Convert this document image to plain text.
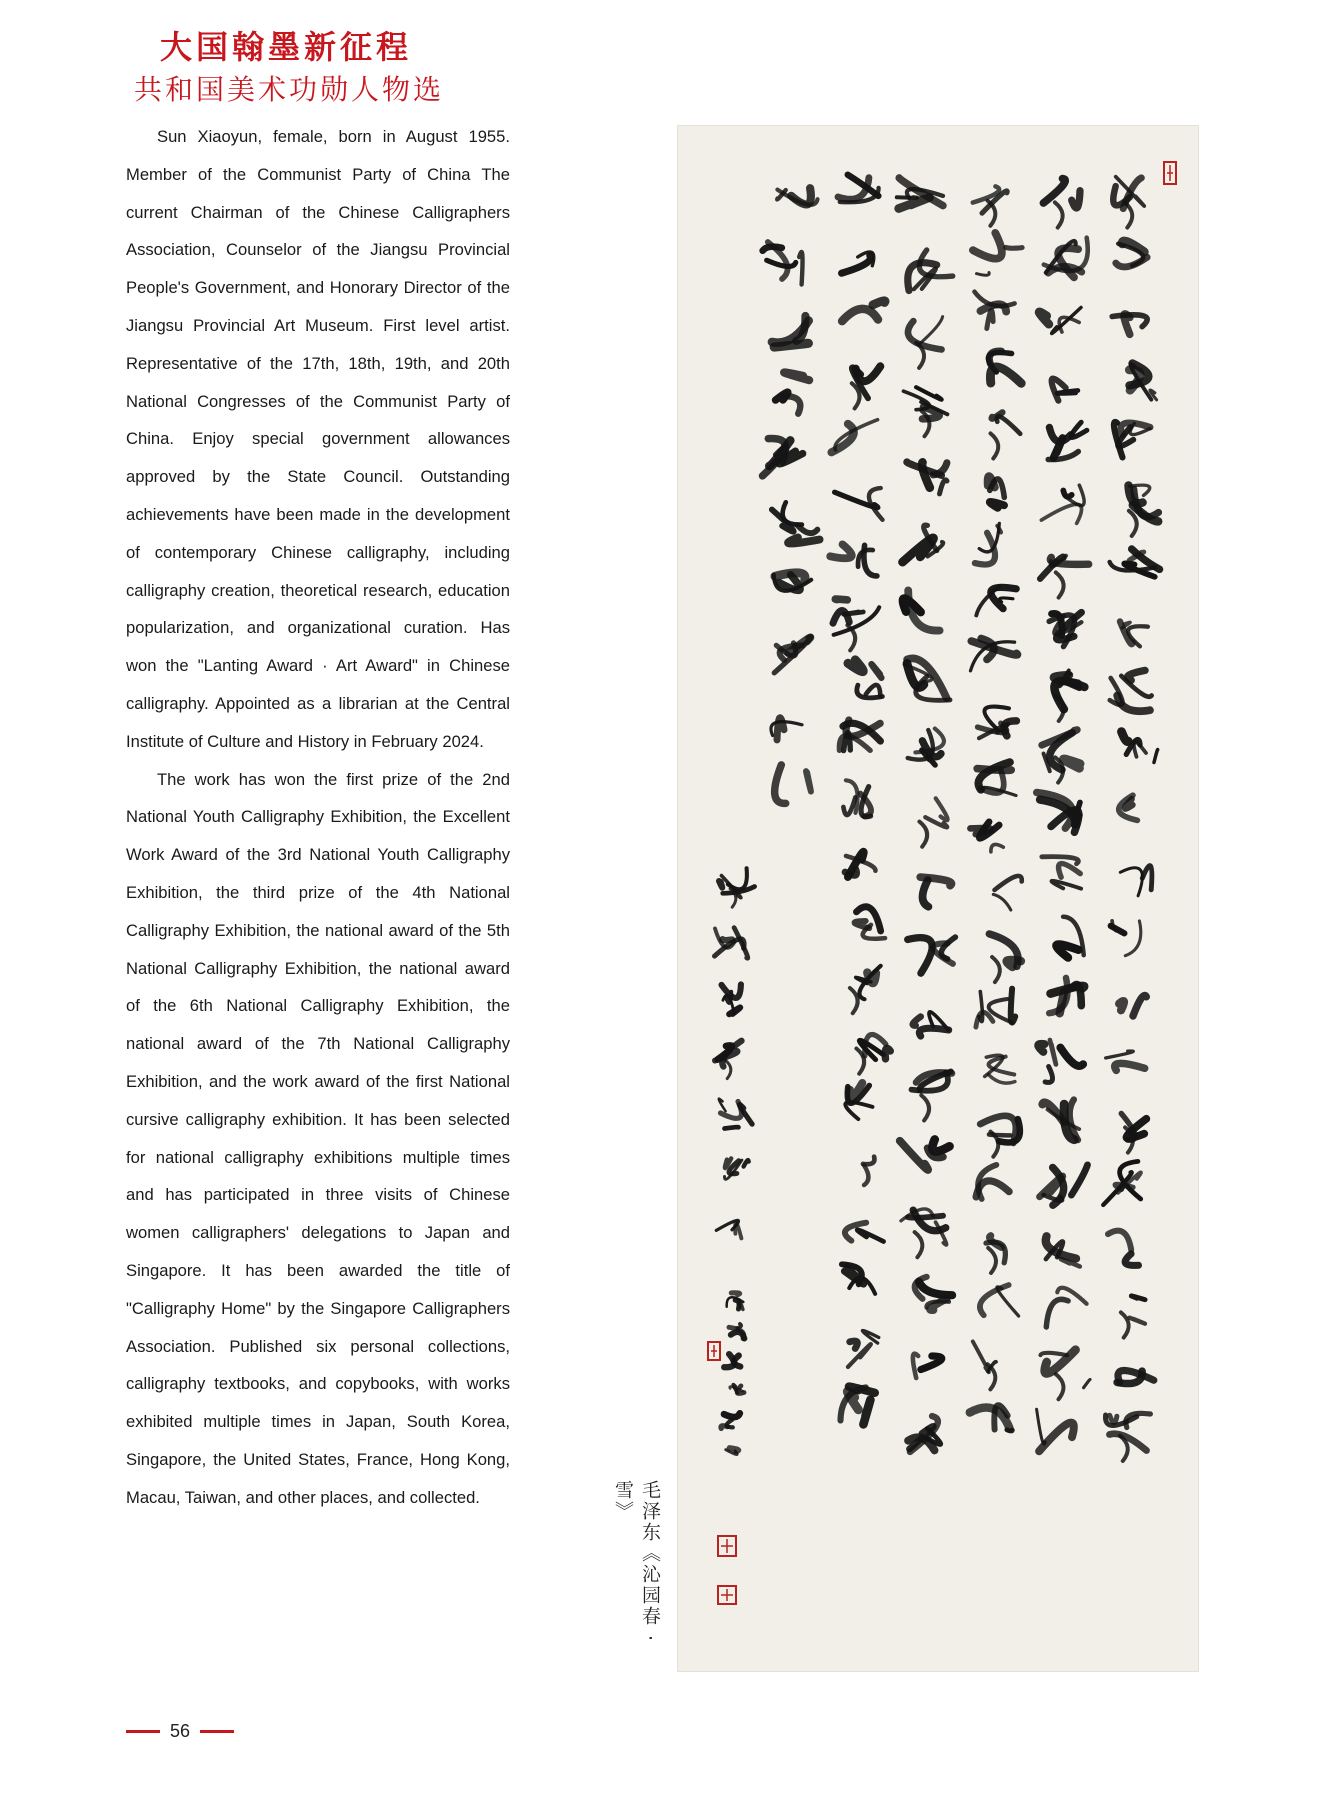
大国翰墨新征程
共和国美术功勋人物选

Sun Xiaoyun, female, born in August 1955. Member of the Communist Party of China The current Chairman of the Chinese Calligraphers Association, Counselor of the Jiangsu Provincial People's Government, and Honorary Director of the Jiangsu Provincial Art Museum. First level artist. Representative of the 17th, 18th, 19th, and 20th National Congresses of the Communist Party of China. Enjoy special government allowances approved by the State Council. Outstanding achievements have been made in the development of contemporary Chinese calligraphy, including calligraphy creation, theoretical research, education popularization, and organizational curation. Has won the "Lanting Award · Art Award" in Chinese calligraphy. Appointed as a librarian at the Central Institute of Culture and History in February 2024.

The work has won the first prize of the 2nd National Youth Calligraphy Exhibition, the Excellent Work Award of the 3rd National Youth Calligraphy Exhibition, the third prize of the 4th National Calligraphy Exhibition, the national award of the 5th National Calligraphy Exhibition, the national award of the 6th National Calligraphy Exhibition, the national award of the 7th National Calligraphy Exhibition, and the work award of the first National cursive calligraphy exhibition. It has been selected for national calligraphy exhibitions multiple times and has participated in three visits of Chinese women calligraphers' delegations to Japan and Singapore. It has been awarded the title of "Calligraphy Home" by the Singapore Calligraphers Association. Published six personal collections, calligraphy textbooks, and copybooks, with works exhibited multiple times in Japan, South Korea, Singapore, the United States, France, Hong Kong, Macau, Taiwan, and other places, and collected.	毛泽东《沁园春 · 雪》
56
